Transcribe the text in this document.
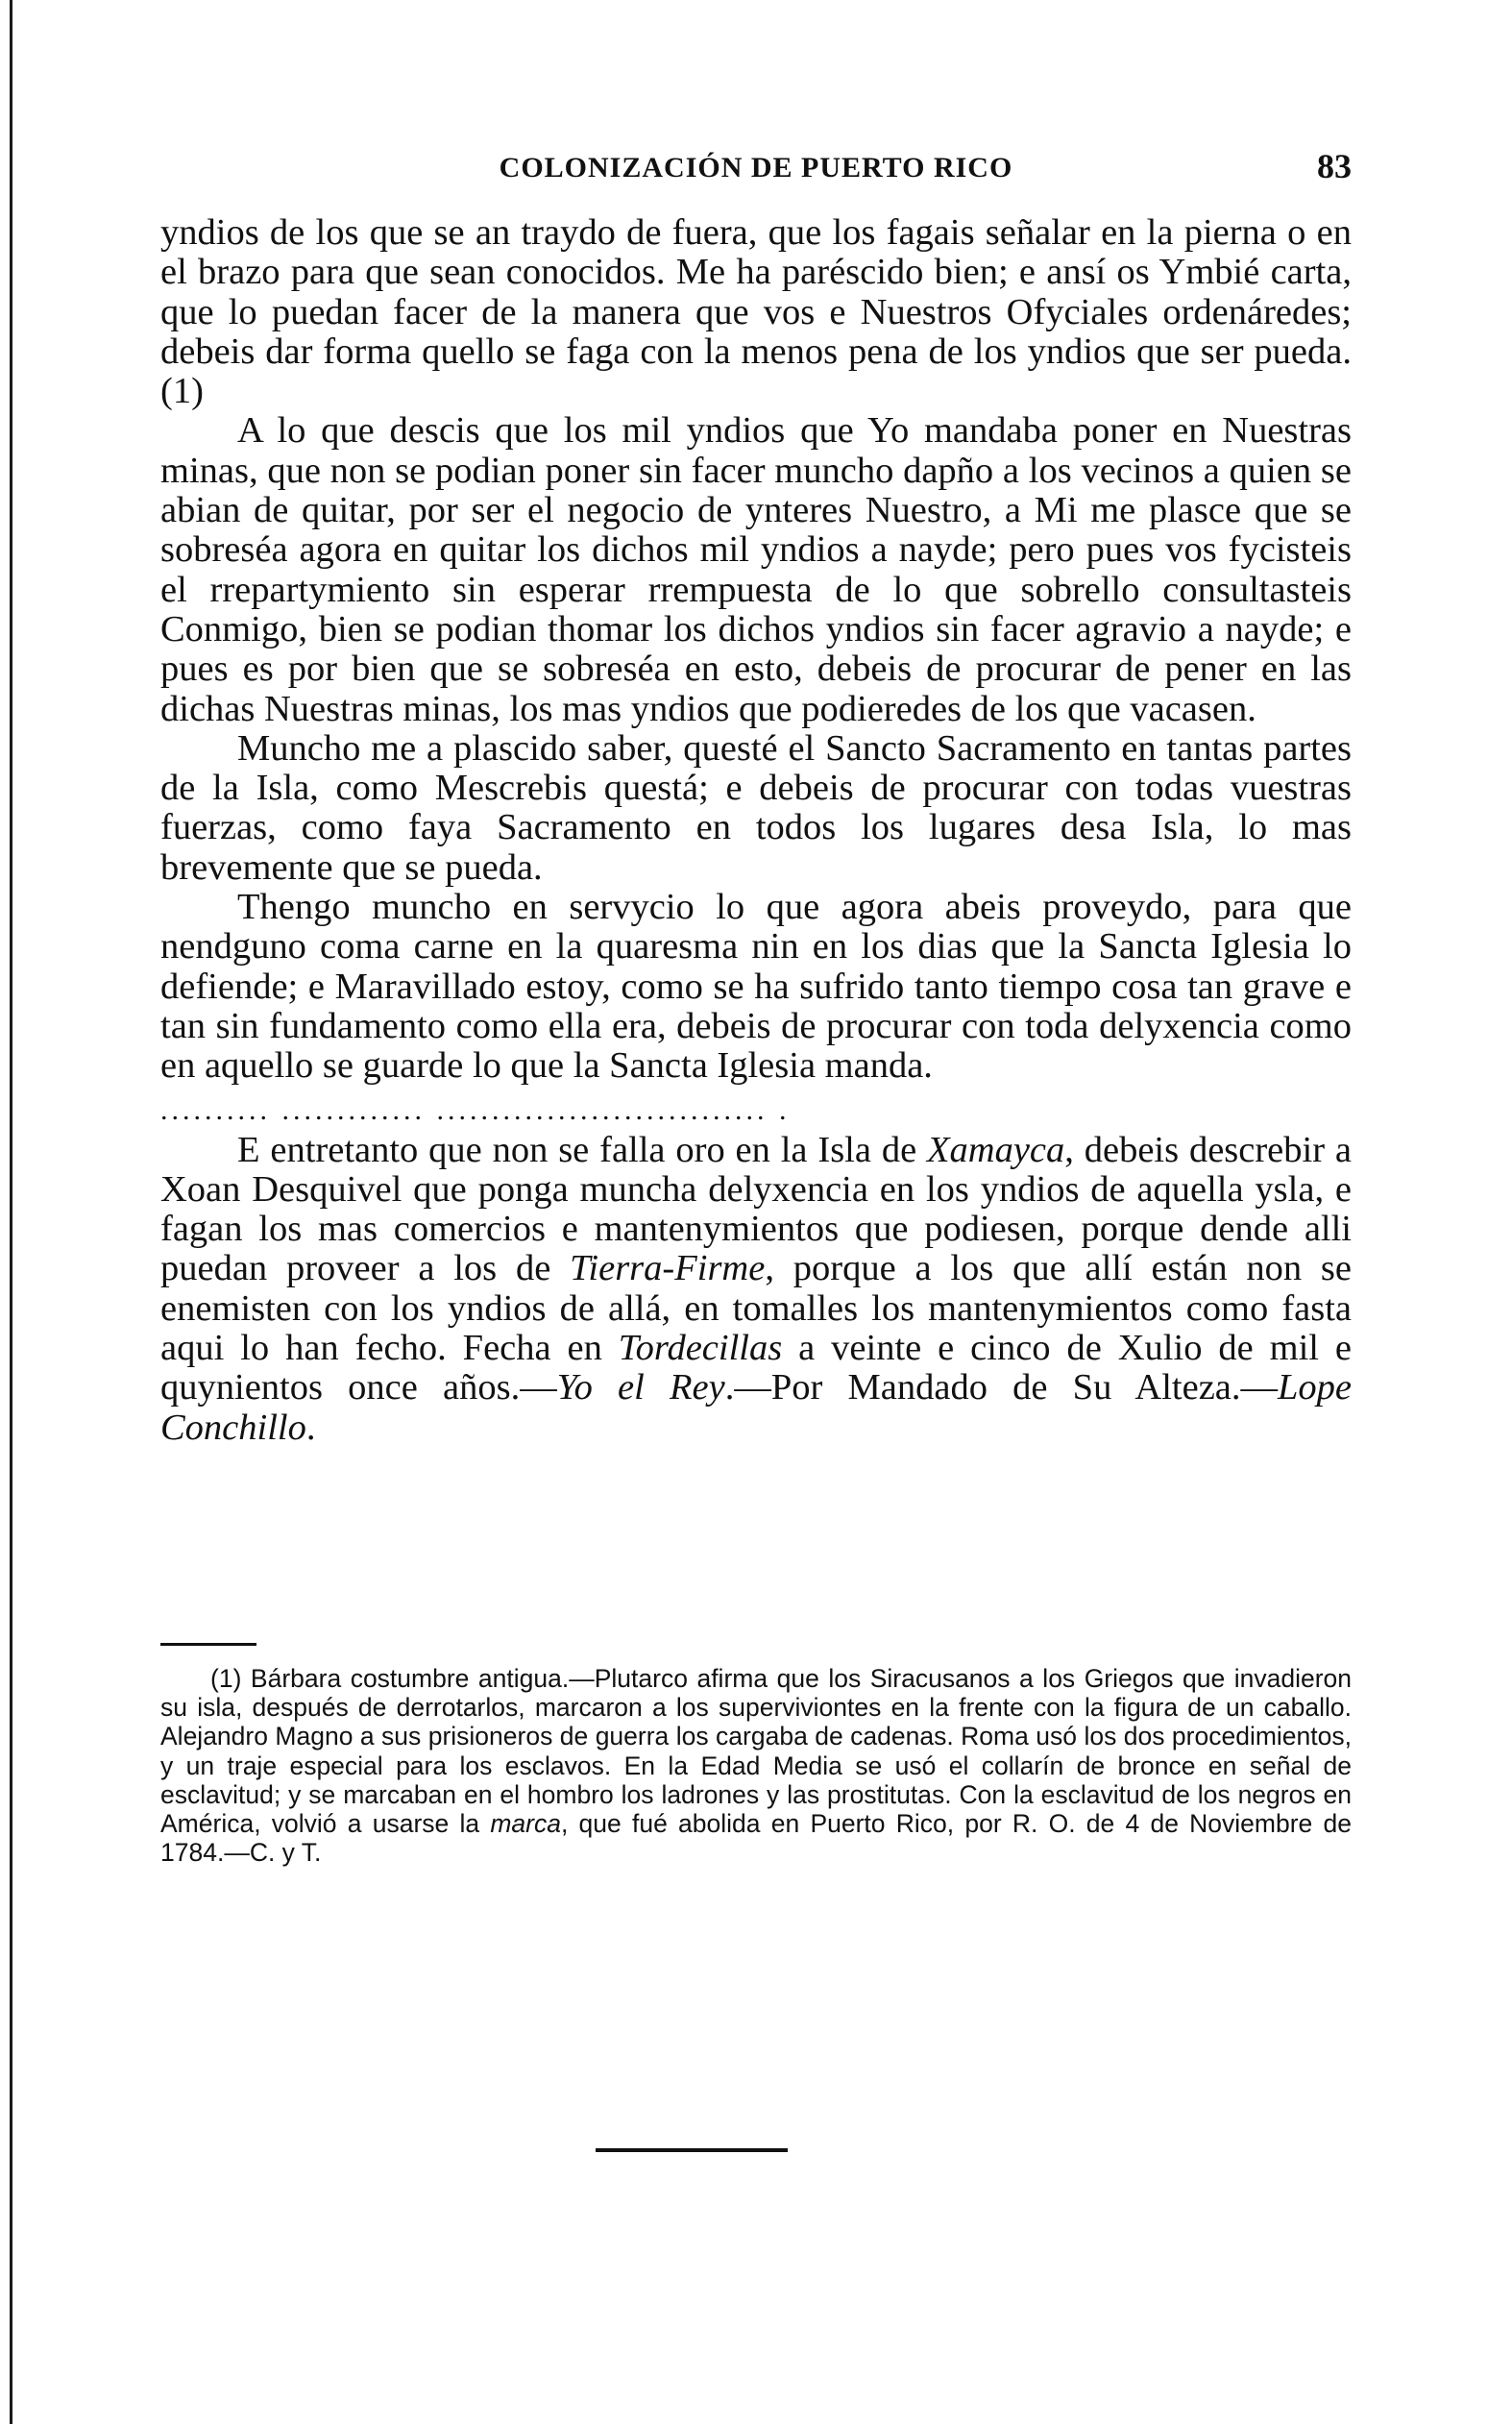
COLONIZACIÓN DE PUERTO RICO	83

yndios de los que se an traydo de fuera, que los fagais señalar en la pierna o en el brazo para que sean conocidos. Me ha paréscido bien; e ansí os Ymbié carta, que lo puedan facer de la manera que vos e Nuestros Ofyciales ordenáredes; debeis dar forma quello se faga con la menos pena de los yndios que ser pueda. (1)

A lo que descis que los mil yndios que Yo mandaba poner en Nuestras minas, que non se podian poner sin facer muncho dapño a los vecinos a quien se abian de quitar, por ser el negocio de ynteres Nuestro, a Mi me plasce que se sobreséa agora en quitar los dichos mil yndios a nayde; pero pues vos fycisteis el rrepartymiento sin esperar rrempuesta de lo que sobrello consultasteis Conmigo, bien se podian thomar los dichos yndios sin facer agravio a nayde; e pues es por bien que se sobreséa en esto, debeis de procurar de pener en las dichas Nuestras minas, los mas yndios que podieredes de los que vacasen.

Muncho me a plascido saber, questé el Sancto Sacramento en tantas partes de la Isla, como Mescrebis questá; e debeis de procurar con todas vuestras fuerzas, como faya Sacramento en todos los lugares desa Isla, lo mas brevemente que se pueda.

Thengo muncho en servycio lo que agora abeis proveydo, para que nendguno coma carne en la quaresma nin en los dias que la Sancta Iglesia lo defiende; e Maravillado estoy, como se ha sufrido tanto tiempo cosa tan grave e tan sin fundamento como ella era, debeis de procurar con toda delyxencia como en aquello se guarde lo que la Sancta Iglesia manda.

.......... ............. .............................. .

E entretanto que non se falla oro en la Isla de Xamayca, debeis descrebir a Xoan Desquivel que ponga muncha delyxencia en los yndios de aquella ysla, e fagan los mas comercios e mantenymientos que podiesen, porque dende alli puedan proveer a los de Tierra-Firme, porque a los que allí están non se enemisten con los yndios de allá, en tomalles los mantenymientos como fasta aqui lo han fecho. Fecha en Tordecillas a veinte e cinco de Xulio de mil e quynientos once años.—Yo el Rey.—Por Mandado de Su Alteza.—Lope Conchillo.

(1) Bárbara costumbre antigua.—Plutarco afirma que los Siracusanos a los Griegos que invadieron su isla, después de derrotarlos, marcaron a los superviviontes en la frente con la figura de un caballo. Alejandro Magno a sus prisioneros de guerra los cargaba de cadenas. Roma usó los dos procedimientos, y un traje especial para los esclavos. En la Edad Media se usó el collarín de bronce en señal de esclavitud; y se marcaban en el hombro los ladrones y las prostitutas. Con la esclavitud de los negros en América, volvió a usarse la marca, que fué abolida en Puerto Rico, por R. O. de 4 de Noviembre de 1784.—C. y T.
